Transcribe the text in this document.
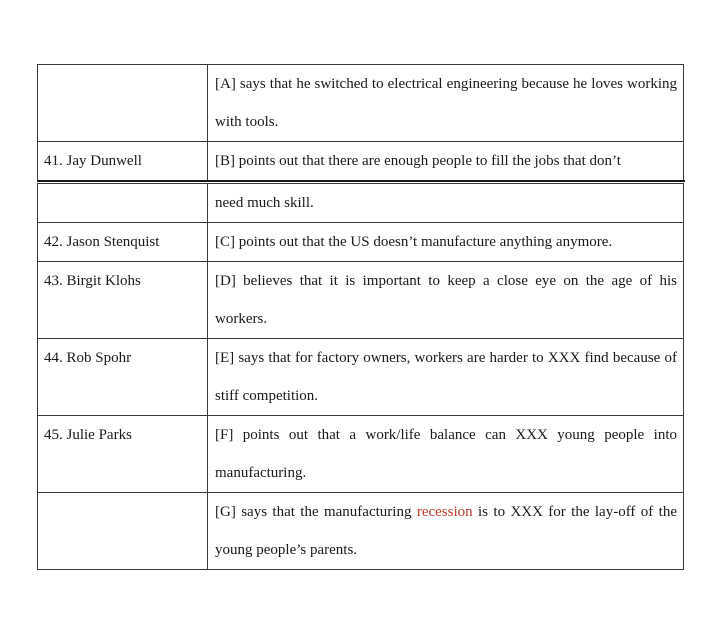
	[A] says that he switched to electrical engineering because he loves working with tools.
41. Jay Dunwell	[B] points out that there are enough people to fill the jobs that don’t
	need much skill.
42. Jason Stenquist	[C] points out that the US doesn’t manufacture anything anymore.
43. Birgit Klohs	[D] believes that it is important to keep a close eye on the age of his workers.
44. Rob Spohr	[E] says that for factory owners, workers are harder to XXX find because of stiff competition.
45. Julie Parks	[F] points out that a work/life balance can XXX young people into manufacturing.
	[G] says that the manufacturing recession is to XXX for the lay-off of the young people’s parents.
